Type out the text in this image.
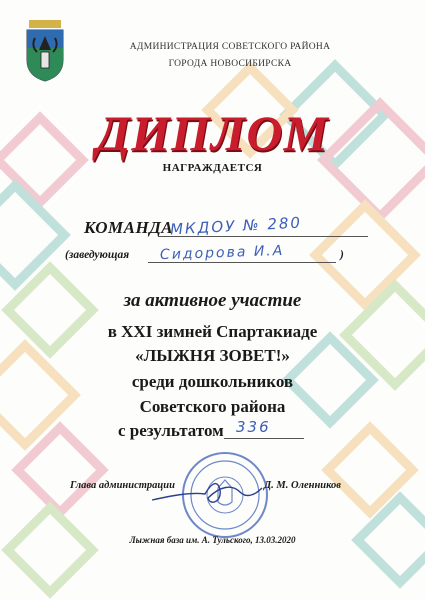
АДМИНИСТРАЦИЯ СОВЕТСКОГО РАЙОНА
ГОРОДА НОВОСИБИРСКА
ДИПЛОМ
НАГРАЖДАЕТСЯ
КОМАНДА
МКДОУ № 280
(заведующая Сидорова И.А	)
за активное участие
в XXI зимней Спартакиаде
«ЛЫЖНЯ ЗОВЕТ!»
среди дошкольников
Советского района
с результатом 336
Глава администрации	Д. М. Оленников
Лыжная база им. А. Тульского, 13.03.2020
